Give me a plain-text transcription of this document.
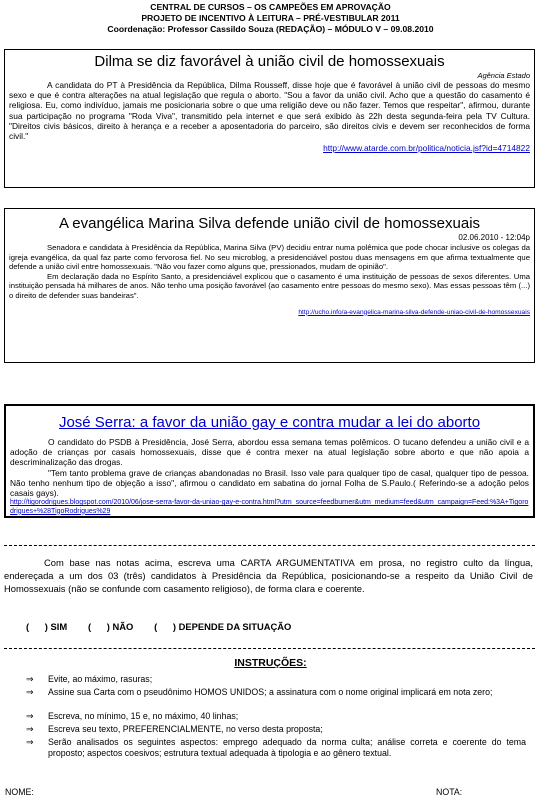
CENTRAL DE CURSOS – OS CAMPEÕES EM APROVAÇÃO
PROJETO DE INCENTIVO À LEITURA – PRÉ-VESTIBULAR 2011
Coordenação: Professor Cassildo Souza (REDAÇÃO) – MÓDULO V – 09.08.2010
Dilma se diz favorável à união civil de homossexuais
Agência Estado

A candidata do PT à Presidência da República, Dilma Rousseff, disse hoje que é favorável à união civil de pessoas do mesmo sexo e que é contra alterações na atual legislação que regula o aborto. "Sou a favor da união civil. Acho que a questão do casamento é religiosa. Eu, como indivíduo, jamais me posicionaria sobre o que uma religião deve ou não fazer. Temos que respeitar", afirmou, durante sua participação no programa "Roda Viva", transmitido pela internet e que será exibido às 22h desta segunda-feira pela TV Cultura. "Direitos civis básicos, direito à herança e a receber a aposentadoria do parceiro, são direitos civis e devem ser reconhecidos de forma civil."

http://www.atarde.com.br/politica/noticia.jsf?id=4714822
A evangélica Marina Silva defende união civil de homossexuais
02.06.2010 - 12:04p

Senadora e candidata à Presidência da República, Marina Silva (PV) decidiu entrar numa polêmica que pode chocar inclusive os colegas da igreja evangélica, da qual faz parte como fervorosa fiel. No seu microblog, a presidenciável postou duas mensagens em que afirma textualmente que defende a união civil entre homossexuais. "Não vou fazer como alguns que, pressionados, mudam de opinião".

Em declaração dada no Espírito Santo, a presidenciável explicou que o casamento é uma instituição de pessoas de sexos diferentes. Uma instituição pensada há milhares de anos. Não tenho uma posição favorável (ao casamento entre pessoas do mesmo sexo). Mas essas pessoas têm (...) o direito de defender suas bandeiras".

http://ucho.info/a-evangelica-marina-silva-defende-uniao-civil-de-homossexuais
José Serra: a favor da união gay e contra mudar a lei do aborto

O candidato do PSDB à Presidência, José Serra, abordou essa semana temas polêmicos. O tucano defendeu a união civil e a adoção de crianças por casais homossexuais, disse que é contra mexer na atual legislação sobre aborto e que não apoia a descriminalização das drogas.

"Tem tanto problema grave de crianças abandonadas no Brasil. Isso vale para qualquer tipo de casal, qualquer tipo de pessoa. Não tenho nenhum tipo de objeção a isso", afirmou o candidato em sabatina do jornal Folha de S.Paulo.( Referindo-se a adoção pelos casais gays).

http://tigorodrigues.blogspot.com/2010/06/jose-serra-favor-da-uniao-gay-e-contra.html?utm_source=feedburner&utm_medium=feed&utm_campaign=Feed:%3A+Tigorodrigues+%28TigoRodrigues%29
Com base nas notas acima, escreva uma CARTA ARGUMENTATIVA em prosa, no registro culto da língua, endereçada a um dos 03 (três) candidatos à Presidência da República, posicionando-se a respeito da União Civil de Homossexuais (não se confunde com casamento religioso), de forma clara e coerente.
(      ) SIM (      ) NÃO (      ) DEPENDE DA SITUAÇÃO
INSTRUÇÕES:
⇒ Evite, ao máximo, rasuras;
⇒ Assine sua Carta com o pseudônimo HOMOS UNIDOS; a assinatura com o nome original implicará em nota zero;
⇒ Escreva, no mínimo, 15 e, no máximo, 40 linhas;
⇒ Escreva seu texto, PREFERENCIALMENTE, no verso desta proposta;
⇒ Serão analisados os seguintes aspectos: emprego adequado da norma culta; análise correta e coerente do tema proposto; aspectos coesivos; estrutura textual adequada à tipologia e ao gênero textual.
NOME:	NOTA:
